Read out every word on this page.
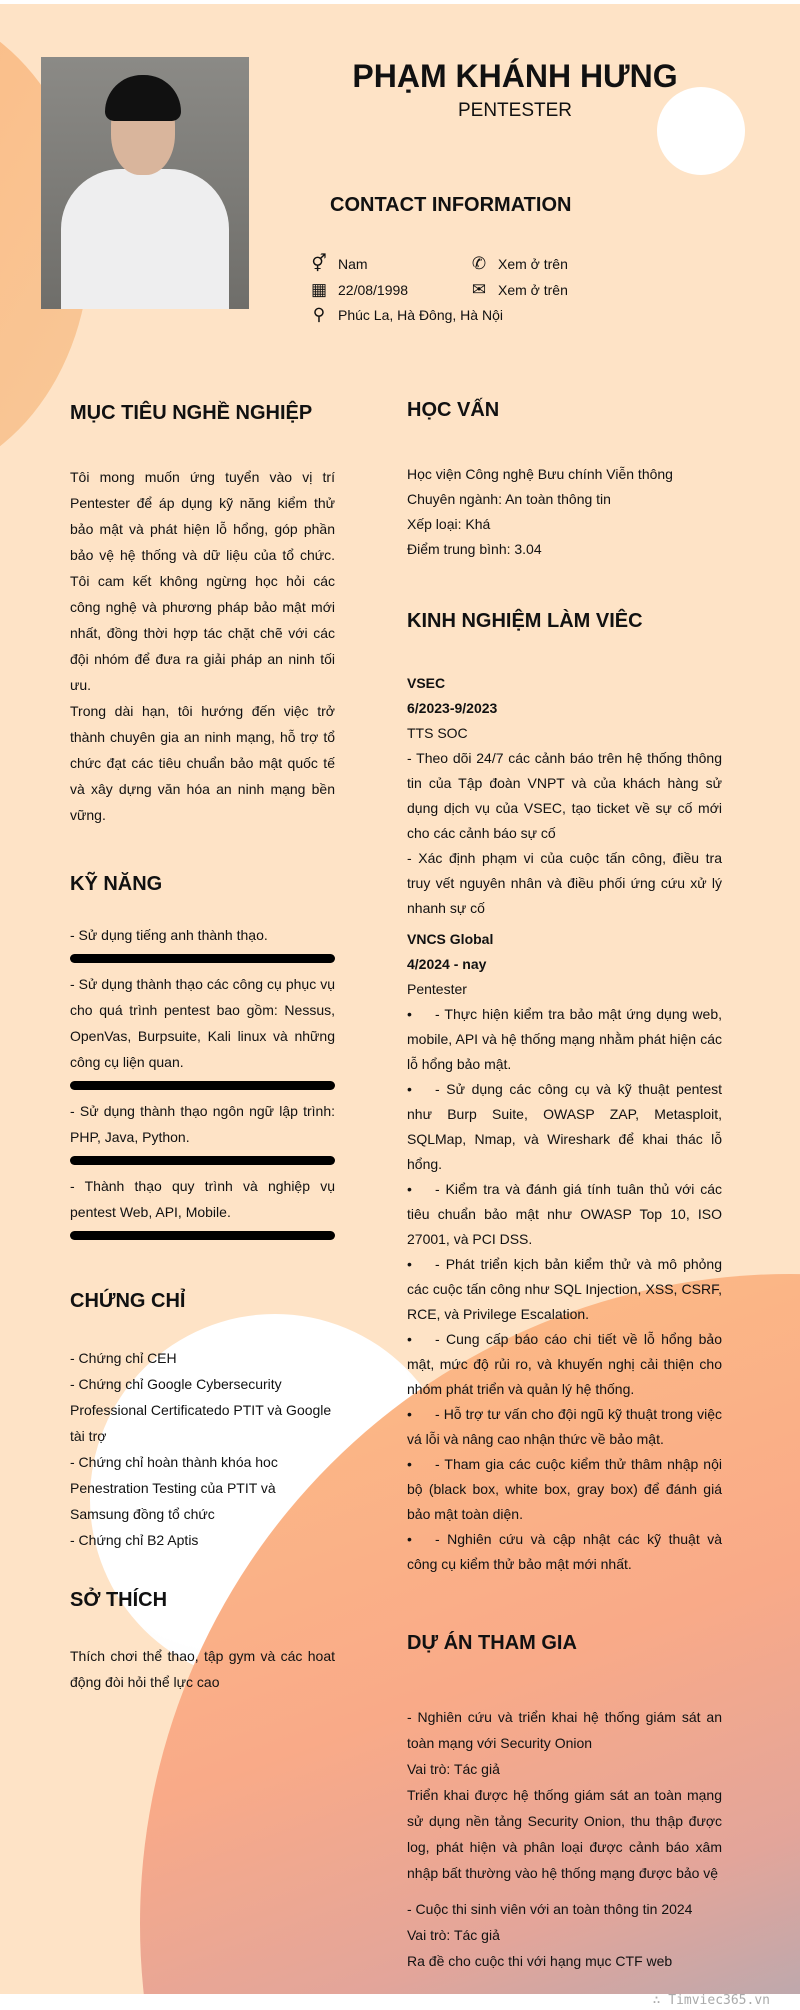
PHẠM KHÁNH HƯNG
PENTESTER
CONTACT INFORMATION
⚥ Nam	✆ Xem ở trên
▦ 22/08/1998	✉ Xem ở trên
⚲ Phúc La, Hà Đông, Hà Nội
MỤC TIÊU NGHỀ NGHIỆP
Tôi mong muốn ứng tuyển vào vị trí Pentester để áp dụng kỹ năng kiểm thử bảo mật và phát hiện lỗ hổng, góp phần bảo vệ hệ thống và dữ liệu của tổ chức. Tôi cam kết không ngừng học hỏi các công nghệ và phương pháp bảo mật mới nhất, đồng thời hợp tác chặt chẽ với các đội nhóm để đưa ra giải pháp an ninh tối ưu.
Trong dài hạn, tôi hướng đến việc trở thành chuyên gia an ninh mạng, hỗ trợ tổ chức đạt các tiêu chuẩn bảo mật quốc tế và xây dựng văn hóa an ninh mạng bền vững.
KỸ NĂNG
- Sử dụng tiếng anh thành thạo.
- Sử dụng thành thạo các công cụ phục vụ cho quá trình pentest bao gồm: Nessus, OpenVas, Burpsuite, Kali linux và những công cụ liện quan.
- Sử dụng thành thạo ngôn ngữ lập trình: PHP, Java, Python.
- Thành thạo quy trình và nghiệp vụ pentest Web, API, Mobile.
CHỨNG CHỈ
- Chứng chỉ CEH
- Chứng chỉ Google Cybersecurity Professional Certificatedo PTIT và Google tài trợ
- Chứng chỉ hoàn thành khóa hoc Penestration Testing của PTIT và Samsung đồng tổ chức
- Chứng chỉ B2 Aptis
SỞ THÍCH
Thích chơi thể thao, tập gym và các hoat động đòi hỏi thể lực cao
HỌC VẤN
Học viện Công nghệ Bưu chính Viễn thông
Chuyên ngành: An toàn thông tin
Xếp loại: Khá
Điểm trung bình: 3.04
KINH NGHIỆM LÀM VIÊC
VSEC
6/2023-9/2023
TTS SOC
- Theo dõi 24/7 các cảnh báo trên hệ thống thông tin của Tập đoàn VNPT và của khách hàng sử dụng dịch vụ của VSEC, tạo ticket về sự cố mới cho các cảnh báo sự cố
- Xác định phạm vi của cuộc tấn công, điều tra truy vết nguyên nhân và điều phối ứng cứu xử lý nhanh sự cố
VNCS Global
4/2024 - nay
Pentester
• - Thực hiện kiểm tra bảo mật ứng dụng web, mobile, API và hệ thống mạng nhằm phát hiện các lỗ hổng bảo mật.
• - Sử dụng các công cụ và kỹ thuật pentest như Burp Suite, OWASP ZAP, Metasploit, SQLMap, Nmap, và Wireshark để khai thác lỗ hổng.
• - Kiểm tra và đánh giá tính tuân thủ với các tiêu chuẩn bảo mật như OWASP Top 10, ISO 27001, và PCI DSS.
• - Phát triển kịch bản kiểm thử và mô phỏng các cuộc tấn công như SQL Injection, XSS, CSRF, RCE, và Privilege Escalation.
• - Cung cấp báo cáo chi tiết về lỗ hổng bảo mật, mức độ rủi ro, và khuyến nghị cải thiện cho nhóm phát triển và quản lý hệ thống.
• - Hỗ trợ tư vấn cho đội ngũ kỹ thuật trong việc vá lỗi và nâng cao nhận thức về bảo mật.
• - Tham gia các cuộc kiểm thử thâm nhập nội bộ (black box, white box, gray box) để đánh giá bảo mật toàn diện.
• - Nghiên cứu và cập nhật các kỹ thuật và công cụ kiểm thử bảo mật mới nhất.
DỰ ÁN THAM GIA
- Nghiên cứu và triển khai hệ thống giám sát an toàn mạng với Security Onion
Vai trò: Tác giả
Triển khai được hệ thống giám sát an toàn mạng sử dụng nền tảng Security Onion, thu thập được log, phát hiện và phân loại được cảnh báo xâm nhập bất thường vào hệ thống mạng được bảo vệ
- Cuộc thi sinh viên với an toàn thông tin 2024
Vai trò: Tác giả
Ra đề cho cuộc thi với hạng mục CTF web
∴ Timviec365.vn
